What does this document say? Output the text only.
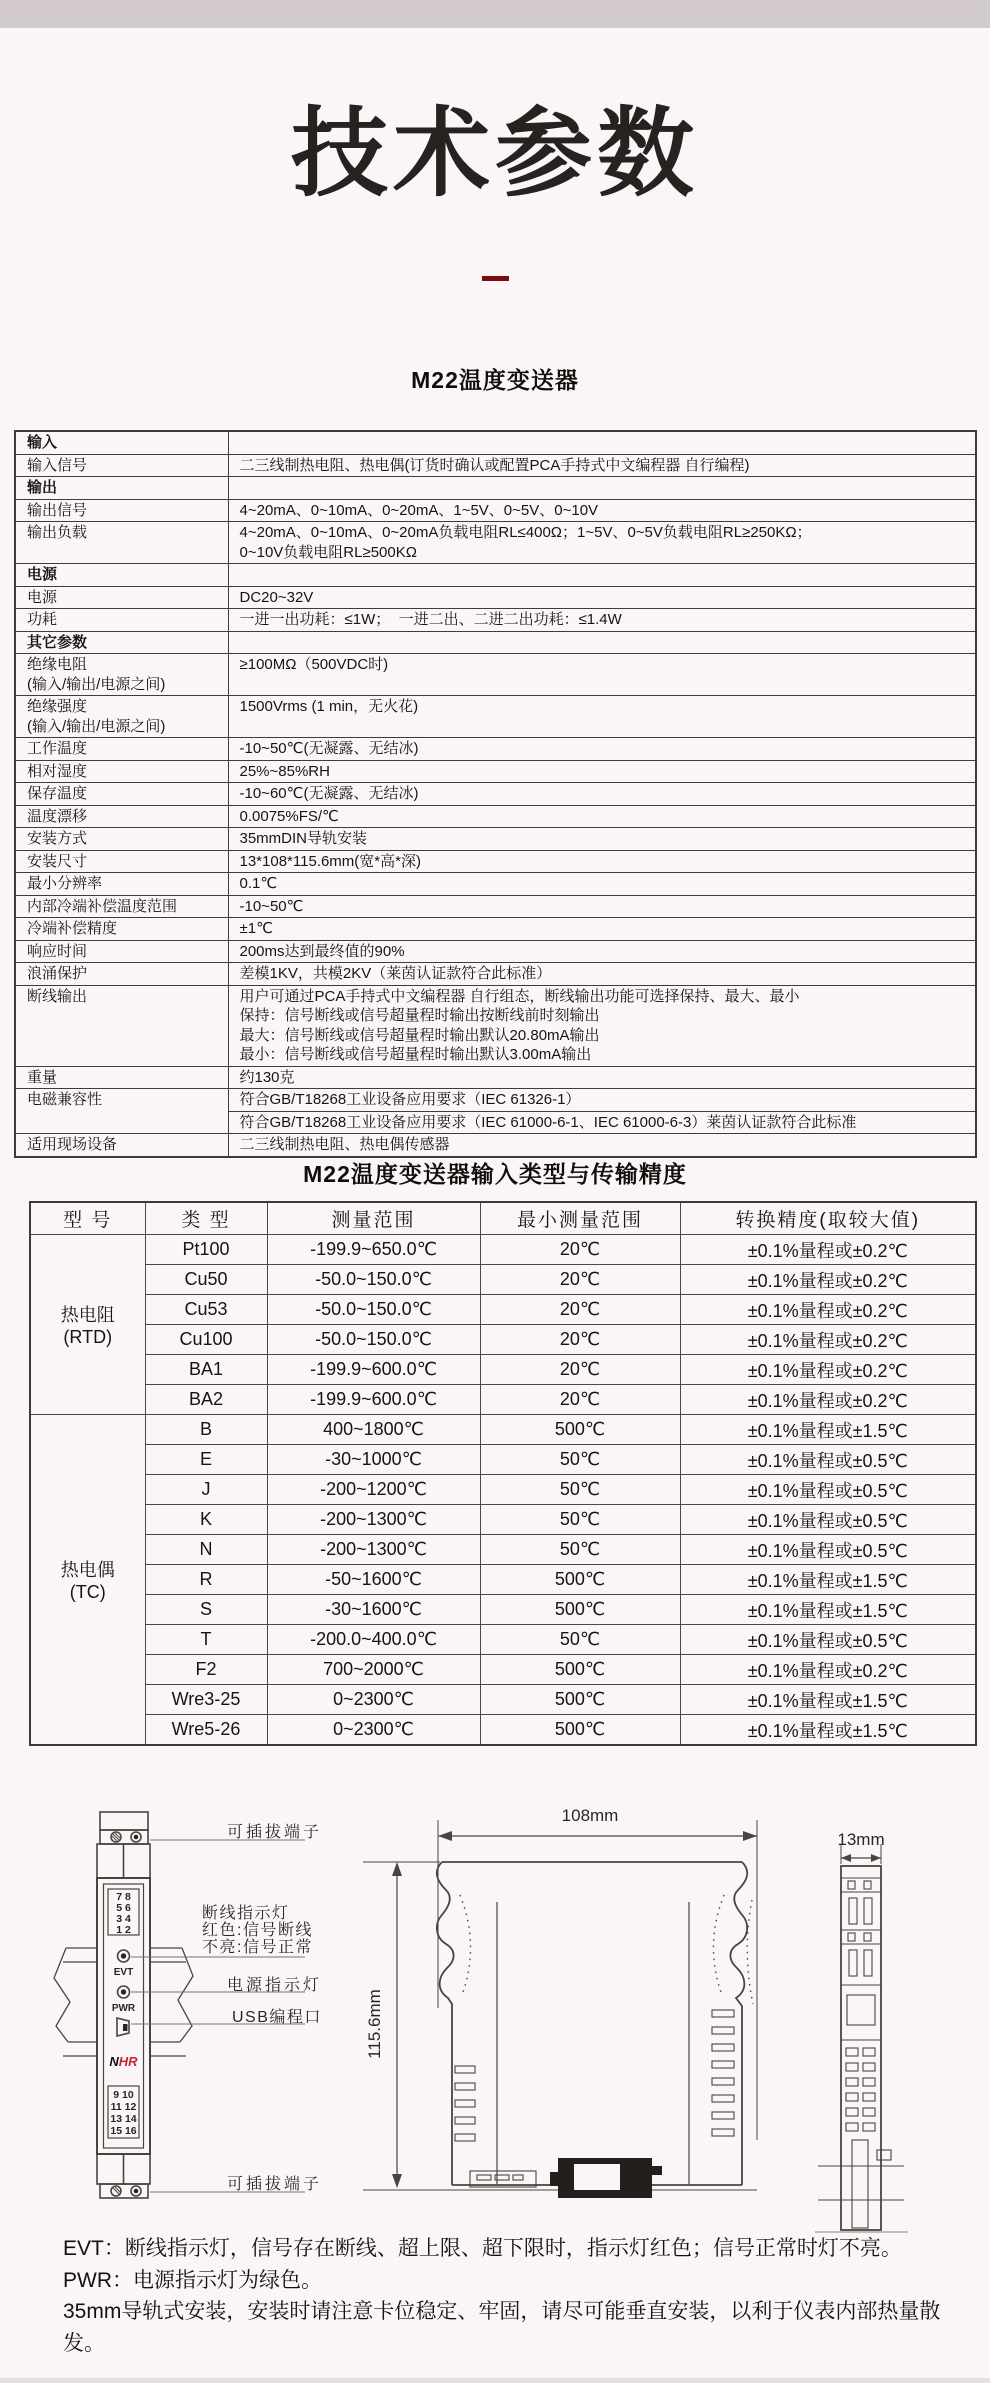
技术参数
M22温度变送器
输入	

输入信号	二三线制热电阻、热电偶(订货时确认或配置PCA手持式中文编程器 自行编程)

输出	

输出信号	4~20mA、0~10mA、0~20mA、1~5V、0~5V、0~10V

输出负载	4~20mA、0~10mA、0~20mA负载电阻RL≤400Ω；1~5V、0~5V负载电阻RL≥250KΩ；
0~10V负载电阻RL≥500KΩ

电源	

电源	DC20~32V

功耗	一进一出功耗：≤1W；  一进二出、二进二出功耗：≤1.4W

其它参数	

绝缘电阻
(输入/输出/电源之间)	≥100MΩ（500VDC时)

绝缘强度
(输入/输出/电源之间)	1500Vrms (1 min，无火花)

工作温度	-10~50℃(无凝露、无结冰)

相对湿度	25%~85%RH

保存温度	-10~60℃(无凝露、无结冰)

温度漂移	0.0075%FS/℃

安装方式	35mmDIN导轨安装

安装尺寸	13*108*115.6mm(宽*高*深)

最小分辨率	0.1℃

内部冷端补偿温度范围	-10~50℃

冷端补偿精度	±1℃

响应时间	200ms达到最终值的90%

浪涌保护	差模1KV，共模2KV（莱茵认证款符合此标准）

断线输出	用户可通过PCA手持式中文编程器 自行组态，断线输出功能可选择保持、最大、最小
保持：信号断线或信号超量程时输出按断线前时刻输出
最大：信号断线或信号超量程时输出默认20.80mA输出
最小：信号断线或信号超量程时输出默认3.00mA输出

重量	约130克

电磁兼容性	符合GB/T18268工业设备应用要求（IEC 61326-1）

	符合GB/T18268工业设备应用要求（IEC 61000-6-1、IEC 61000-6-3）莱茵认证款符合此标准

适用现场设备	二三线制热电阻、热电偶传感器
M22温度变送器输入类型与传输精度
型 号	类 型	测量范围	最小测量范围	转换精度(取较大值)

热电阻
(RTD)	Pt100	-199.9~650.0℃	20℃	±0.1%量程或±0.2℃
	Cu50	-50.0~150.0℃	20℃	±0.1%量程或±0.2℃
	Cu53	-50.0~150.0℃	20℃	±0.1%量程或±0.2℃
	Cu100	-50.0~150.0℃	20℃	±0.1%量程或±0.2℃
	BA1	-199.9~600.0℃	20℃	±0.1%量程或±0.2℃
	BA2	-199.9~600.0℃	20℃	±0.1%量程或±0.2℃

热电偶
(TC)	B	400~1800℃	500℃	±0.1%量程或±1.5℃
	E	-30~1000℃	50℃	±0.1%量程或±0.5℃
	J	-200~1200℃	50℃	±0.1%量程或±0.5℃
	K	-200~1300℃	50℃	±0.1%量程或±0.5℃
	N	-200~1300℃	50℃	±0.1%量程或±0.5℃
	R	-50~1600℃	500℃	±0.1%量程或±1.5℃
	S	-30~1600℃	500℃	±0.1%量程或±1.5℃
	T	-200.0~400.0℃	50℃	±0.1%量程或±0.5℃
	F2	700~2000℃	500℃	±0.1%量程或±0.2℃
	Wre3-25	0~2300℃	500℃	±0.1%量程或±1.5℃
	Wre5-26	0~2300℃	500℃	±0.1%量程或±1.5℃
7 8
5 6
3 4
1 2
EVT
PWR
NHR
9 10
11 12
13 14
15 16
可插拔端子
断线指示灯
红色:信号断线
不亮:信号正常
电源指示灯
USB编程口
可插拔端子
108mm
115.6mm
13mm
EVT：断线指示灯，信号存在断线、超上限、超下限时，指示灯红色；信号正常时灯不亮。
PWR：电源指示灯为绿色。
35mm导轨式安装，安装时请注意卡位稳定、牢固，请尽可能垂直安装，以利于仪表内部热量散发。
